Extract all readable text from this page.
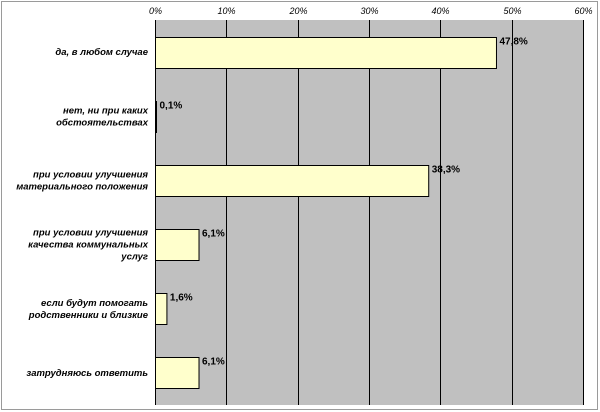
0%	10%	20%	30%	40%	50%	60%
да, в любом случае
нет, ни при каких обстоятельствах
при условии улучшения материального положения
при условии улучшения качества коммунальных услуг
если будут помогать родственники и близкие
затрудняюсь ответить
47,8%
0,1%
38,3%
6,1%
1,6%
6,1%
